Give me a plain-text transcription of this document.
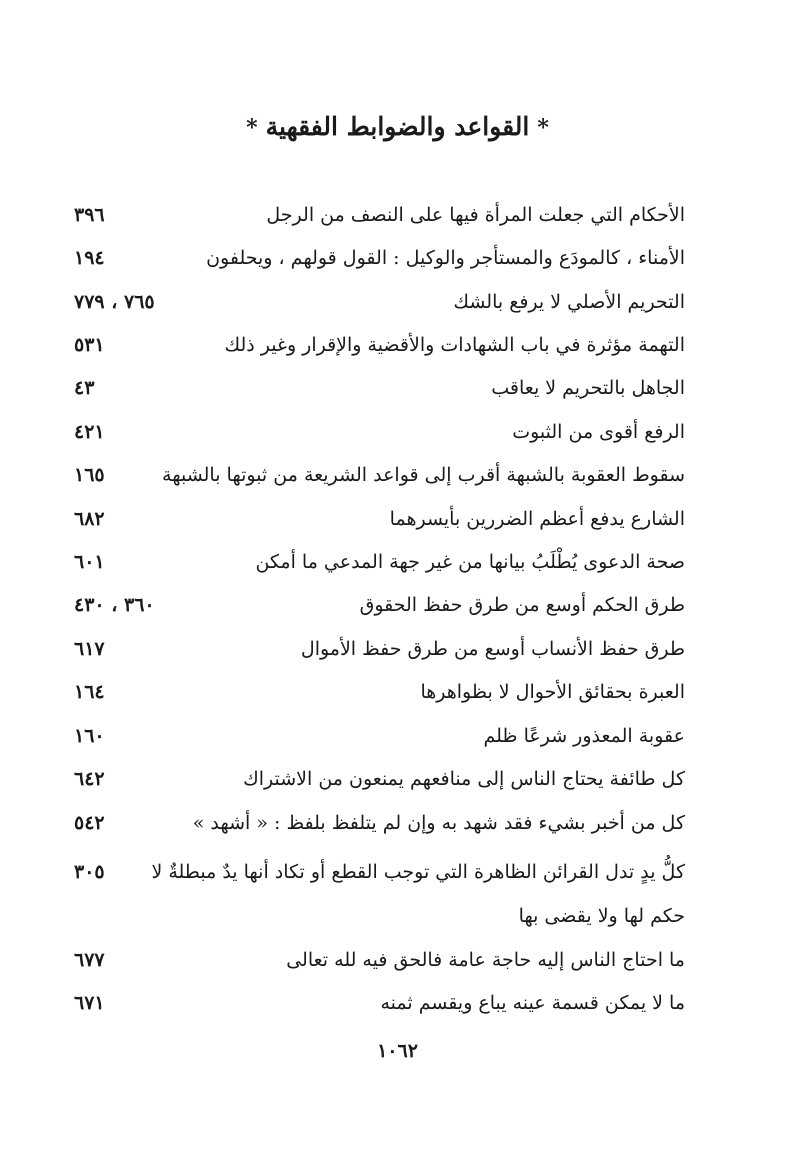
*القواعد والضوابط الفقهية*
الأحكام التي جعلت المرأة فيها على النصف من الرجل
٣٩٦
الأمناء ، كالمودَع والمستأجر والوكيل : القول قولهم ، ويحلفون
١٩٤
التحريم الأصلي لا يرفع بالشك
٧٦٥ ، ٧٧٩
التهمة مؤثرة في باب الشهادات والأقضية والإقرار وغير ذلك
٥٣١
الجاهل بالتحريم لا يعاقب
٤٣
الرفع أقوى من الثبوت
٤٢١
سقوط العقوبة بالشبهة أقرب إلى قواعد الشريعة من ثبوتها بالشبهة
١٦٥
الشارع يدفع أعظم الضررين بأيسرهما
٦٨٢
صحة الدعوى يُطْلَبُ بيانها من غير جهة المدعي ما أمكن
٦٠١
طرق الحكم أوسع من طرق حفظ الحقوق
٣٦٠ ، ٤٣٠
طرق حفظ الأنساب أوسع من طرق حفظ الأموال
٦١٧
العبرة بحقائق الأحوال لا بظواهرها
١٦٤
عقوبة المعذور شرعًا ظلم
١٦٠
كل طائفة يحتاج الناس إلى منافعهم يمنعون من الاشتراك
٦٤٢
كل من أخبر بشيء فقد شهد به وإن لم يتلفظ بلفظ : « أشهد »
٥٤٢
كلُّ يدٍ تدل القرائن الظاهرة التي توجب القطع أو تكاد أنها يدٌ مبطلةٌ لا حكم لها ولا يقضى بها
٣٠٥
ما احتاج الناس إليه حاجة عامة فالحق فيه لله تعالى
٦٧٧
ما لا يمكن قسمة عينه يباع ويقسم ثمنه
٦٧١
١٠٦٢
